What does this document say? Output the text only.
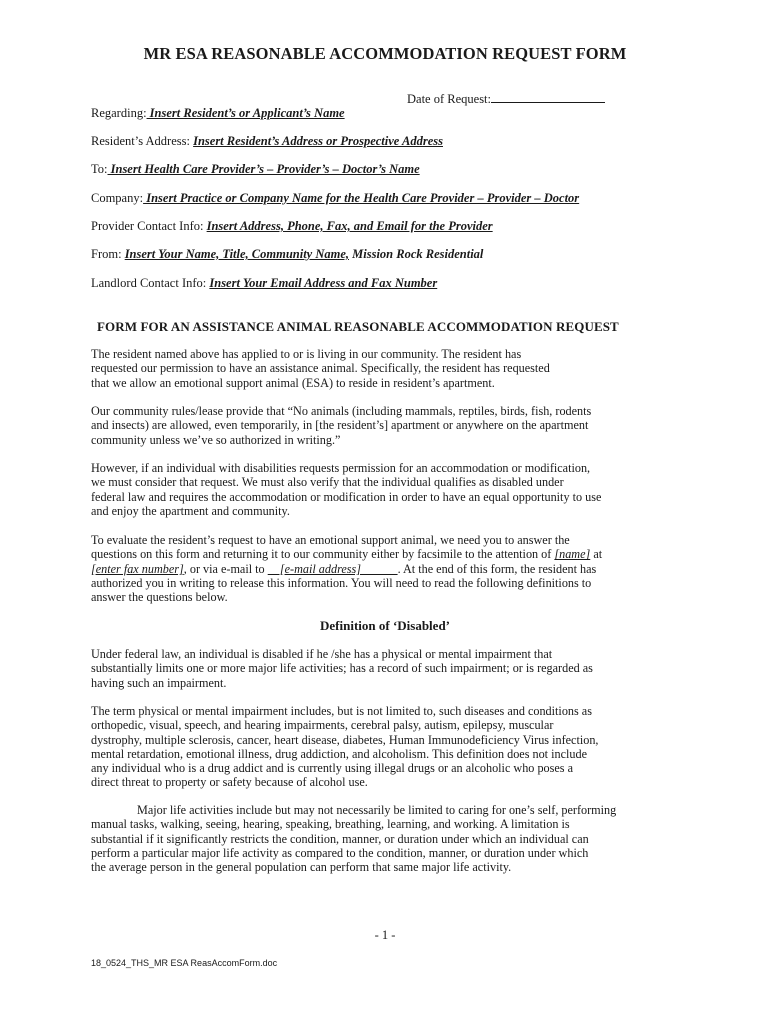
MR ESA REASONABLE ACCOMMODATION REQUEST FORM
Date of Request:
Regarding: Insert Resident’s or Applicant’s Name
Resident’s Address: Insert Resident’s Address or Prospective Address
To: Insert Health Care Provider’s – Provider’s – Doctor’s Name
Company: Insert Practice or Company Name for the Health Care Provider – Provider – Doctor
Provider Contact Info: Insert Address, Phone, Fax, and Email for the Provider
From: Insert Your Name, Title, Community Name, Mission Rock Residential
Landlord Contact Info: Insert Your Email Address and Fax Number
FORM FOR AN ASSISTANCE ANIMAL REASONABLE ACCOMMODATION REQUEST
The resident named above has applied to or is living in our community. The resident has
requested our permission to have an assistance animal. Specifically, the resident has requested
that we allow an emotional support animal (ESA) to reside in resident’s apartment.
Our community rules/lease provide that “No animals (including mammals, reptiles, birds, fish, rodents
and insects) are allowed, even temporarily, in [the resident’s] apartment or anywhere on the apartment
community unless we’ve so authorized in writing.”
However, if an individual with disabilities requests permission for an accommodation or modification,
we must consider that request. We must also verify that the individual qualifies as disabled under
federal law and requires the accommodation or modification in order to have an equal opportunity to use
and enjoy the apartment and community.
To evaluate the resident’s request to have an emotional support animal, we need you to answer the
questions on this form and returning it to our community either by facsimile to the attention of [name] at
[enter fax number], or via e-mail to     [e-mail address]            . At the end of this form, the resident has
authorized you in writing to release this information. You will need to read the following definitions to
answer the questions below.
Definition of ‘Disabled’
Under federal law, an individual is disabled if he /she has a physical or mental impairment that
substantially limits one or more major life activities; has a record of such impairment; or is regarded as
having such an impairment.
The term physical or mental impairment includes, but is not limited to, such diseases and conditions as
orthopedic, visual, speech, and hearing impairments, cerebral palsy, autism, epilepsy, muscular
dystrophy, multiple sclerosis, cancer, heart disease, diabetes, Human Immunodeficiency Virus infection,
mental retardation, emotional illness, drug addiction, and alcoholism. This definition does not include
any individual who is a drug addict and is currently using illegal drugs or an alcoholic who poses a
direct threat to property or safety because of alcohol use.
Major life activities include but may not necessarily be limited to caring for one’s self, performing
manual tasks, walking, seeing, hearing, speaking, breathing, learning, and working. A limitation is
substantial if it significantly restricts the condition, manner, or duration under which an individual can
perform a particular major life activity as compared to the condition, manner, or duration under which
the average person in the general population can perform that same major life activity.
- 1 -
18_0524_THS_MR ESA ReasAccomForm.doc
